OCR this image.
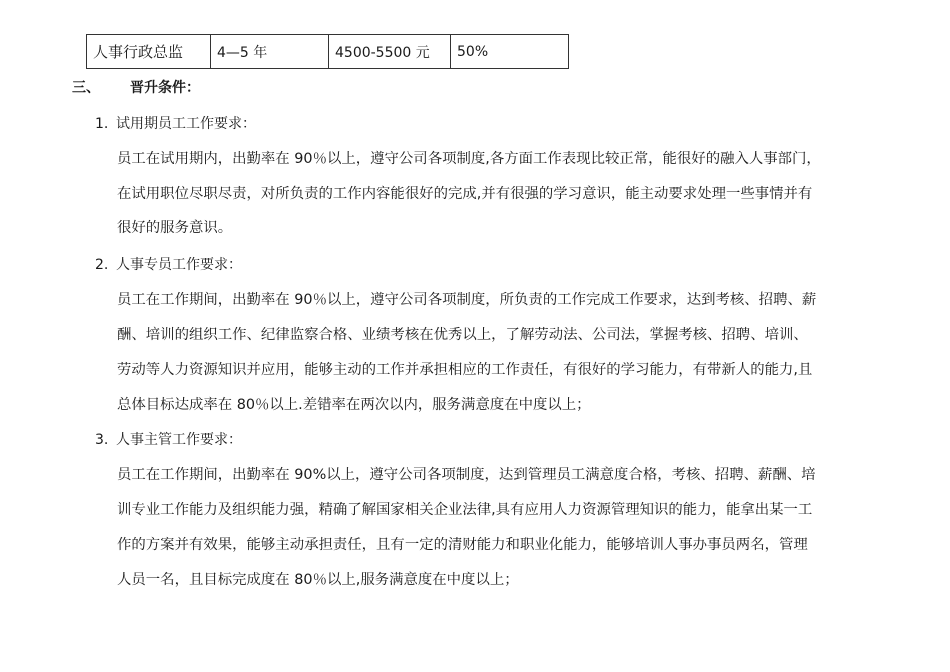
人事行政总监	4—5 年	4500-5500 元	50%
三、 晋升条件：
1. 试用期员工工作要求：
员工在试用期内，出勤率在 90％以上，遵守公司各项制度,各方面工作表现比较正常，能很好的融入人事部门，
在试用职位尽职尽责，对所负责的工作内容能很好的完成,并有很强的学习意识，能主动要求处理一些事情并有
很好的服务意识。
2. 人事专员工作要求：
员工在工作期间，出勤率在 90％以上，遵守公司各项制度，所负责的工作完成工作要求，达到考核、招聘、薪
酬、培训的组织工作、纪律监察合格、业绩考核在优秀以上，了解劳动法、公司法，掌握考核、招聘、培训、
劳动等人力资源知识并应用，能够主动的工作并承担相应的工作责任，有很好的学习能力，有带新人的能力,且
总体目标达成率在 80％以上.差错率在两次以内，服务满意度在中度以上；
3. 人事主管工作要求：
员工在工作期间，出勤率在 90%以上，遵守公司各项制度，达到管理员工满意度合格，考核、招聘、薪酬、培
训专业工作能力及组织能力强，精确了解国家相关企业法律,具有应用人力资源管理知识的能力，能拿出某一工
作的方案并有效果，能够主动承担责任，且有一定的清财能力和职业化能力，能够培训人事办事员两名，管理
人员一名，且目标完成度在 80％以上,服务满意度在中度以上；
